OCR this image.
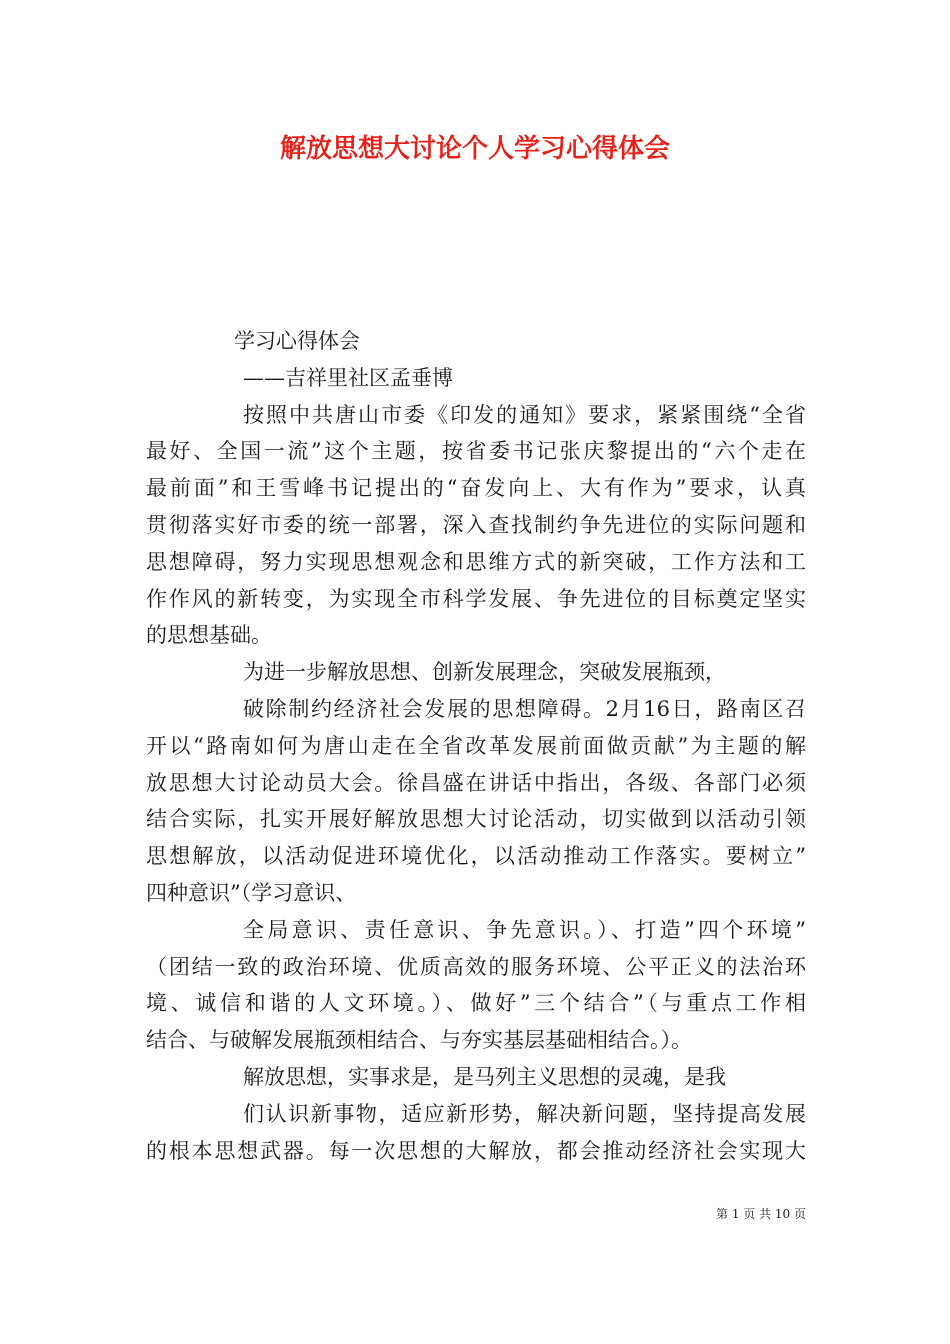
解放思想大讨论个人学习心得体会
学习心得体会
——吉祥里社区孟垂博
按照中共唐山市委《印发的通知》要求，紧紧围绕“全省
最好、全国一流”这个主题，按省委书记张庆黎提出的“六个走在
最前面”和王雪峰书记提出的“奋发向上、大有作为”要求，认真
贯彻落实好市委的统一部署，深入查找制约争先进位的实际问题和
思想障碍，努力实现思想观念和思维方式的新突破，工作方法和工
作作风的新转变，为实现全市科学发展、争先进位的目标奠定坚实
的思想基础。
为进一步解放思想、创新发展理念，突破发展瓶颈，
破除制约经济社会发展的思想障碍。2月16日，路南区召
开以“路南如何为唐山走在全省改革发展前面做贡献”为主题的解
放思想大讨论动员大会。徐昌盛在讲话中指出，各级、各部门必须
结合实际，扎实开展好解放思想大讨论活动，切实做到以活动引领
思想解放，以活动促进环境优化，以活动推动工作落实。要树立”
四种意识”（学习意识、
全局意识、责任意识、争先意识。）、打造”四个环境”
（团结一致的政治环境、优质高效的服务环境、公平正义的法治环
境、诚信和谐的人文环境。）、做好”三个结合”（与重点工作相
结合、与破解发展瓶颈相结合、与夯实基层基础相结合。）。
解放思想，实事求是，是马列主义思想的灵魂，是我
们认识新事物，适应新形势，解决新问题，坚持提高发展
的根本思想武器。每一次思想的大解放，都会推动经济社会实现大
第 1 页 共 10 页
